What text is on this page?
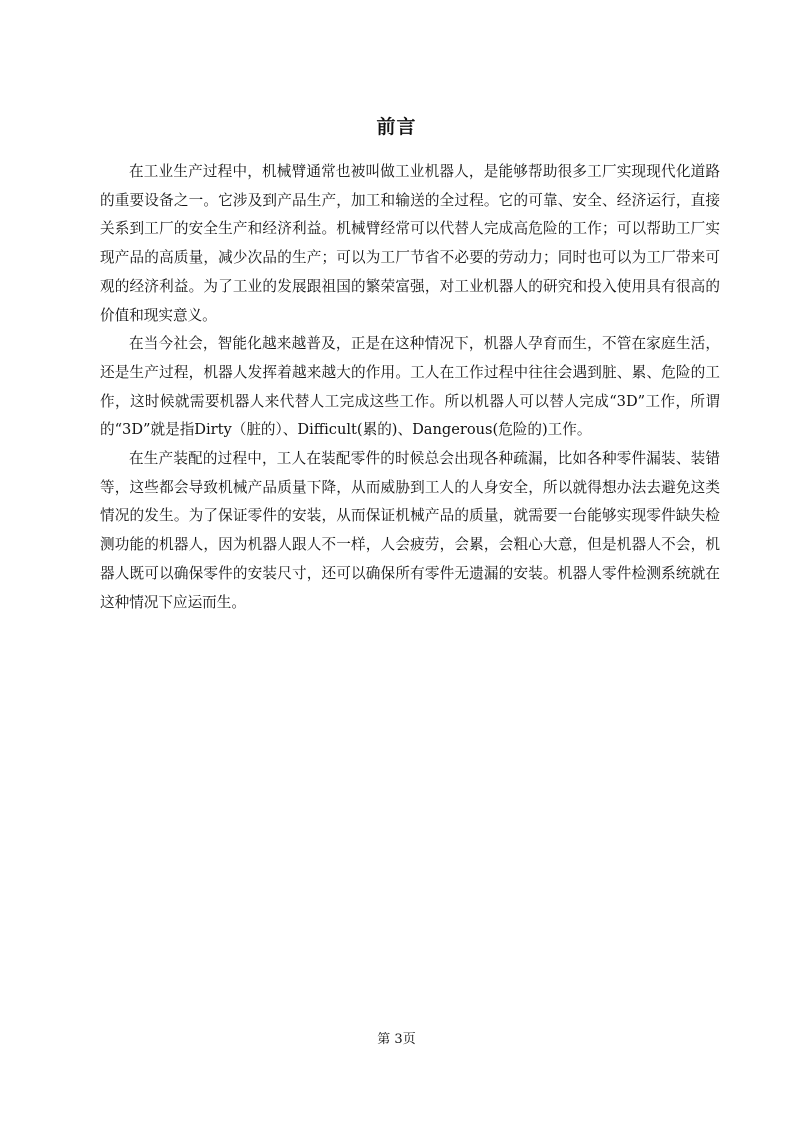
前言

在工业生产过程中，机械臂通常也被叫做工业机器人，是能够帮助很多工厂实现现代化道路的重要设备之一。它涉及到产品生产，加工和输送的全过程。它的可靠、安全、经济运行，直接关系到工厂的安全生产和经济利益。机械臂经常可以代替人完成高危险的工作；可以帮助工厂实现产品的高质量，减少次品的生产；可以为工厂节省不必要的劳动力；同时也可以为工厂带来可观的经济利益。为了工业的发展跟祖国的繁荣富强，对工业机器人的研究和投入使用具有很高的价值和现实意义。

在当今社会，智能化越来越普及，正是在这种情况下，机器人孕育而生，不管在家庭生活，还是生产过程，机器人发挥着越来越大的作用。工人在工作过程中往往会遇到脏、累、危险的工作，这时候就需要机器人来代替人工完成这些工作。所以机器人可以替人完成“3D”工作，所谓的“3D”就是指Dirty（脏的）、Difficult(累的)、Dangerous(危险的)工作。

在生产装配的过程中，工人在装配零件的时候总会出现各种疏漏，比如各种零件漏装、装错等，这些都会导致机械产品质量下降，从而威胁到工人的人身安全，所以就得想办法去避免这类情况的发生。为了保证零件的安装，从而保证机械产品的质量，就需要一台能够实现零件缺失检测功能的机器人，因为机器人跟人不一样，人会疲劳，会累，会粗心大意，但是机器人不会，机器人既可以确保零件的安装尺寸，还可以确保所有零件无遗漏的安装。机器人零件检测系统就在这种情况下应运而生。

第 3页
